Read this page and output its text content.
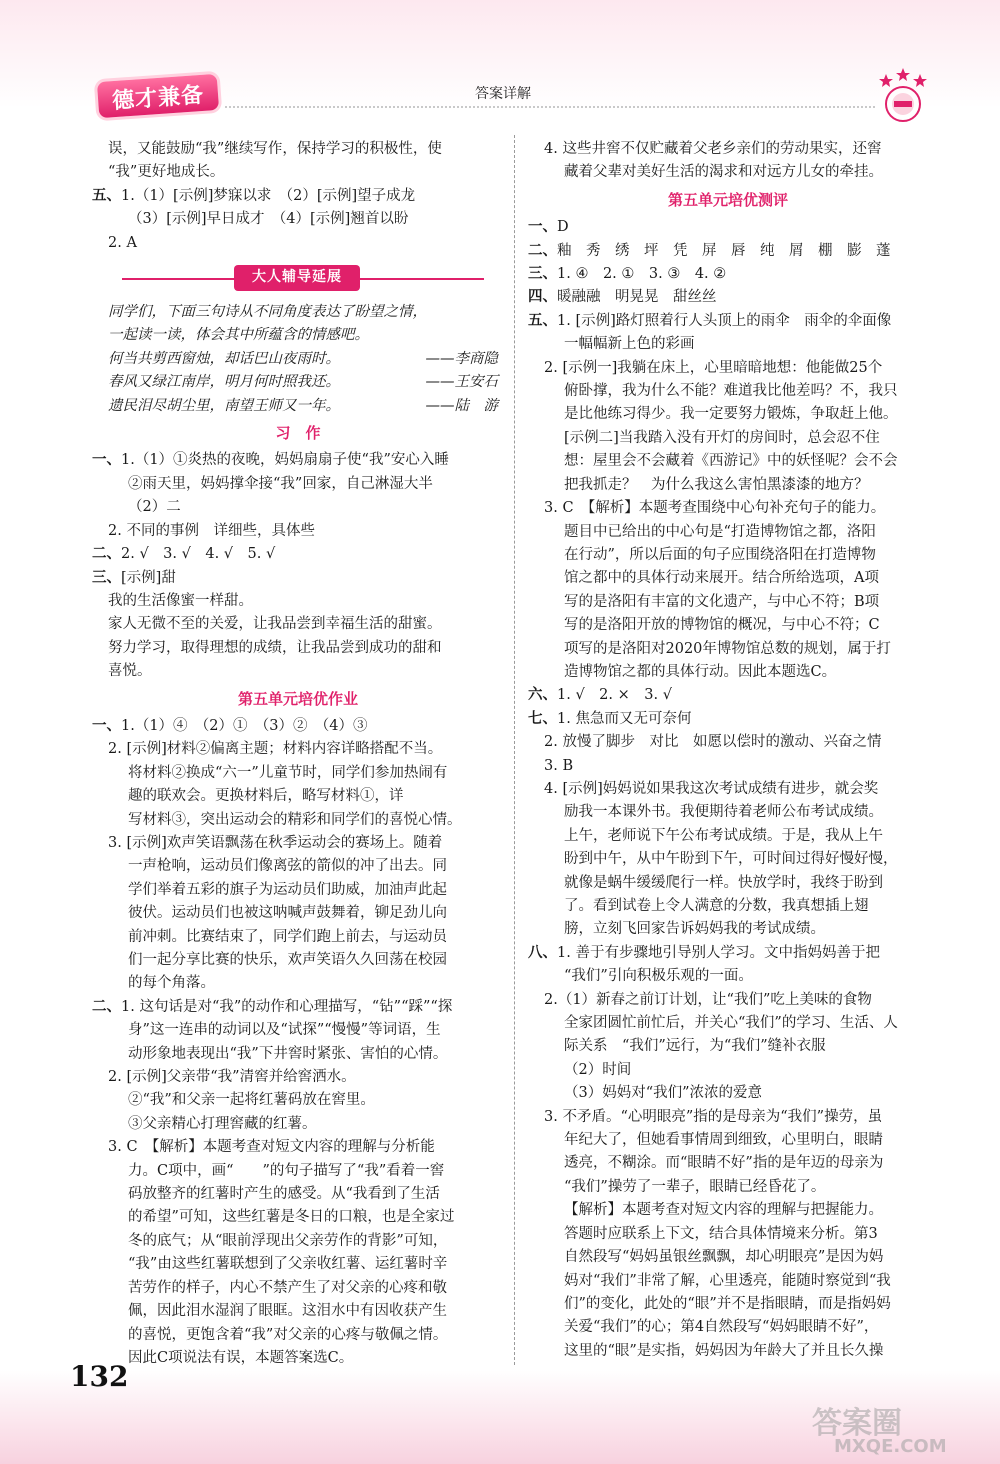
德才兼备	答案详解
误，又能鼓励“我”继续写作，保持学习的积极性，使
“我”更好地成长。
五、1.（1）[示例]梦寐以求　（2）[示例]望子成龙
（3）[示例]早日成才　（4）[示例]翘首以盼
2. A
大人辅导延展
同学们，下面三句诗从不同角度表达了盼望之情，
一起读一读，体会其中所蕴含的情感吧。
何当共剪西窗烛，却话巴山夜雨时。	——李商隐
春风又绿江南岸，明月何时照我还。	——王安石
遗民泪尽胡尘里，南望王师又一年。	——陆　游
习　作
一、1.（1）①炎热的夜晚，妈妈扇扇子使“我”安心入睡
②雨天里，妈妈撑伞接“我”回家，自己淋湿大半
（2）二
2. 不同的事例　详细些，具体些
二、2. √　3. √　4. √　5. √
三、[示例]甜
我的生活像蜜一样甜。
家人无微不至的关爱，让我品尝到幸福生活的甜蜜。
努力学习，取得理想的成绩，让我品尝到成功的甜和
喜悦。
第五单元培优作业
一、1.（1）④　（2）①　（3）②　（4）③
2. [示例]材料②偏离主题；材料内容详略搭配不当。
将材料②换成“六一”儿童节时，同学们参加热闹有
趣的联欢会。更换材料后，略写材料①，详
写材料③，突出运动会的精彩和同学们的喜悦心情。
3. [示例]欢声笑语飘荡在秋季运动会的赛场上。随着
一声枪响，运动员们像离弦的箭似的冲了出去。同
学们举着五彩的旗子为运动员们助威，加油声此起
彼伏。运动员们也被这呐喊声鼓舞着，铆足劲儿向
前冲刺。比赛结束了，同学们跑上前去，与运动员
们一起分享比赛的快乐，欢声笑语久久回荡在校园
的每个角落。
二、1. 这句话是对“我”的动作和心理描写，“钻”“踩”“探
身”这一连串的动词以及“试探”“慢慢”等词语，生
动形象地表现出“我”下井窖时紧张、害怕的心情。
2. [示例]父亲带“我”清窖并给窖洒水。
②“我”和父亲一起将红薯码放在窖里。
③父亲精心打理窖藏的红薯。
3. C　【解析】本题考查对短文内容的理解与分析能
力。C项中，画“　　”的句子描写了“我”看着一窖
码放整齐的红薯时产生的感受。从“我看到了生活
的希望”可知，这些红薯是冬日的口粮，也是全家过
冬的底气；从“眼前浮现出父亲劳作的背影”可知，
“我”由这些红薯联想到了父亲收红薯、运红薯时辛
苦劳作的样子，内心不禁产生了对父亲的心疼和敬
佩，因此泪水湿润了眼眶。这泪水中有因收获产生
的喜悦，更饱含着“我”对父亲的心疼与敬佩之情。
因此C项说法有误，本题答案选C。
4. 这些井窖不仅贮藏着父老乡亲们的劳动果实，还窖
藏着父辈对美好生活的渴求和对远方儿女的牵挂。
第五单元培优测评
一、D
二、釉　秀　绣　坪　凭　屏　唇　纯　屑　棚　膨　蓬
三、1. ④　2. ①　3. ③　4. ②
四、暖融融　明晃晃　甜丝丝
五、1. [示例]路灯照着行人头顶上的雨伞　雨伞的伞面像
一幅幅新上色的彩画
2. [示例一]我躺在床上，心里暗暗地想：他能做25个
俯卧撑，我为什么不能？难道我比他差吗？不，我只
是比他练习得少。我一定要努力锻炼，争取赶上他。
[示例二]当我踏入没有开灯的房间时，总会忍不住
想：屋里会不会藏着《西游记》中的妖怪呢？会不会
把我抓走？　为什么我这么害怕黑漆漆的地方？
3. C　【解析】本题考查围绕中心句补充句子的能力。
题目中已给出的中心句是“打造博物馆之都，洛阳
在行动”，所以后面的句子应围绕洛阳在打造博物
馆之都中的具体行动来展开。结合所给选项，A项
写的是洛阳有丰富的文化遗产，与中心不符；B项
写的是洛阳开放的博物馆的概况，与中心不符；C
项写的是洛阳对2020年博物馆总数的规划，属于打
造博物馆之都的具体行动。因此本题选C。
六、1. √　2. ×　3. √
七、1. 焦急而又无可奈何
2. 放慢了脚步　对比　如愿以偿时的激动、兴奋之情
3. B
4. [示例]妈妈说如果我这次考试成绩有进步，就会奖
励我一本课外书。我便期待着老师公布考试成绩。
上午，老师说下午公布考试成绩。于是，我从上午
盼到中午，从中午盼到下午，可时间过得好慢好慢，
就像是蜗牛缓缓爬行一样。快放学时，我终于盼到
了。看到试卷上令人满意的分数，我真想插上翅
膀，立刻飞回家告诉妈妈我的考试成绩。
八、1. 善于有步骤地引导别人学习。文中指妈妈善于把
“我们”引向积极乐观的一面。
2.（1）新春之前订计划，让“我们”吃上美味的食物
全家团圆忙前忙后，并关心“我们”的学习、生活、人
际关系　“我们”远行，为“我们”缝补衣服
（2）时间
（3）妈妈对“我们”浓浓的爱意
3. 不矛盾。“心明眼亮”指的是母亲为“我们”操劳，虽
年纪大了，但她看事情周到细致，心里明白，眼睛
透亮，不糊涂。而“眼睛不好”指的是年迈的母亲为
“我们”操劳了一辈子，眼睛已经昏花了。
【解析】本题考查对短文内容的理解与把握能力。
答题时应联系上下文，结合具体情境来分析。第3
自然段写“妈妈虽银丝飘飘，却心明眼亮”是因为妈
妈对“我们”非常了解，心里透亮，能随时察觉到“我
们”的变化，此处的“眼”并不是指眼睛，而是指妈妈
关爱“我们”的心；第4自然段写“妈妈眼睛不好”，
这里的“眼”是实指，妈妈因为年龄大了并且长久操
132
答案圈
MXQE.COM
